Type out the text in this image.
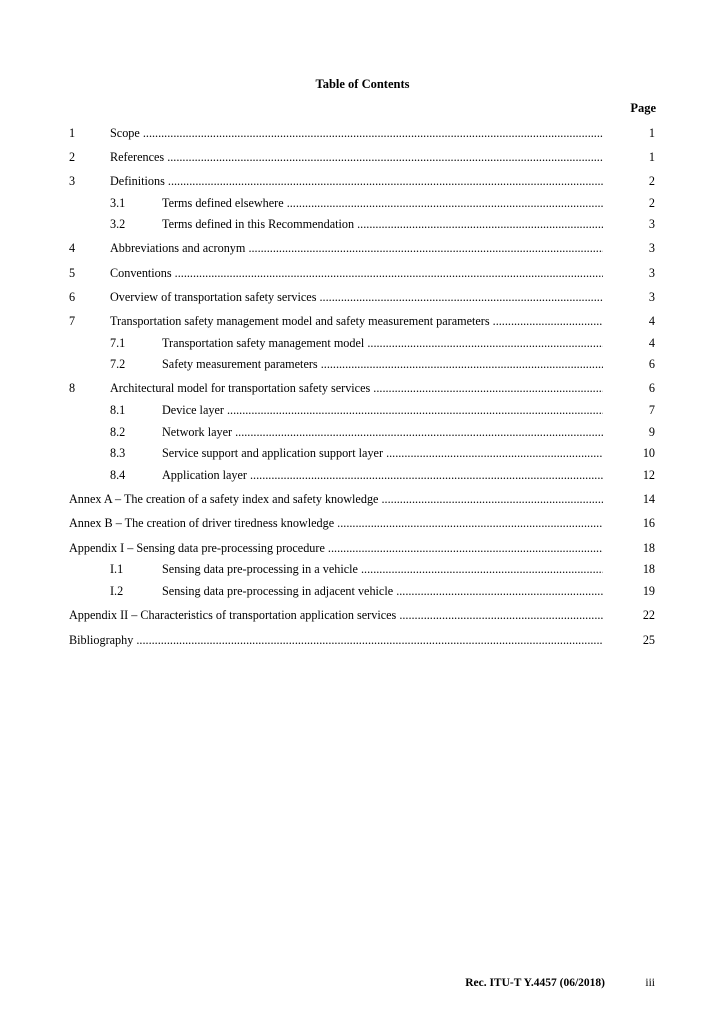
Table of Contents
Page
1	Scope .....	1
2	References .....	1
3	Definitions .....	2
3.1	Terms defined elsewhere .....	2
3.2	Terms defined in this Recommendation .....	3
4	Abbreviations and acronym .....	3
5	Conventions .....	3
6	Overview of transportation safety services .....	3
7	Transportation safety management model and safety measurement parameters .....	4
7.1	Transportation safety management model .....	4
7.2	Safety measurement parameters .....	6
8	Architectural model for transportation safety services .....	6
8.1	Device layer .....	7
8.2	Network layer .....	9
8.3	Service support and application support layer .....	10
8.4	Application layer .....	12
Annex A – The creation of a safety index and safety knowledge .....	14
Annex B – The creation of driver tiredness knowledge .....	16
Appendix I – Sensing data pre-processing procedure .....	18
I.1	Sensing data pre-processing in a vehicle .....	18
I.2	Sensing data pre-processing in adjacent vehicle .....	19
Appendix II – Characteristics of transportation application services .....	22
Bibliography .....	25
Rec. ITU-T Y.4457 (06/2018)	iii
